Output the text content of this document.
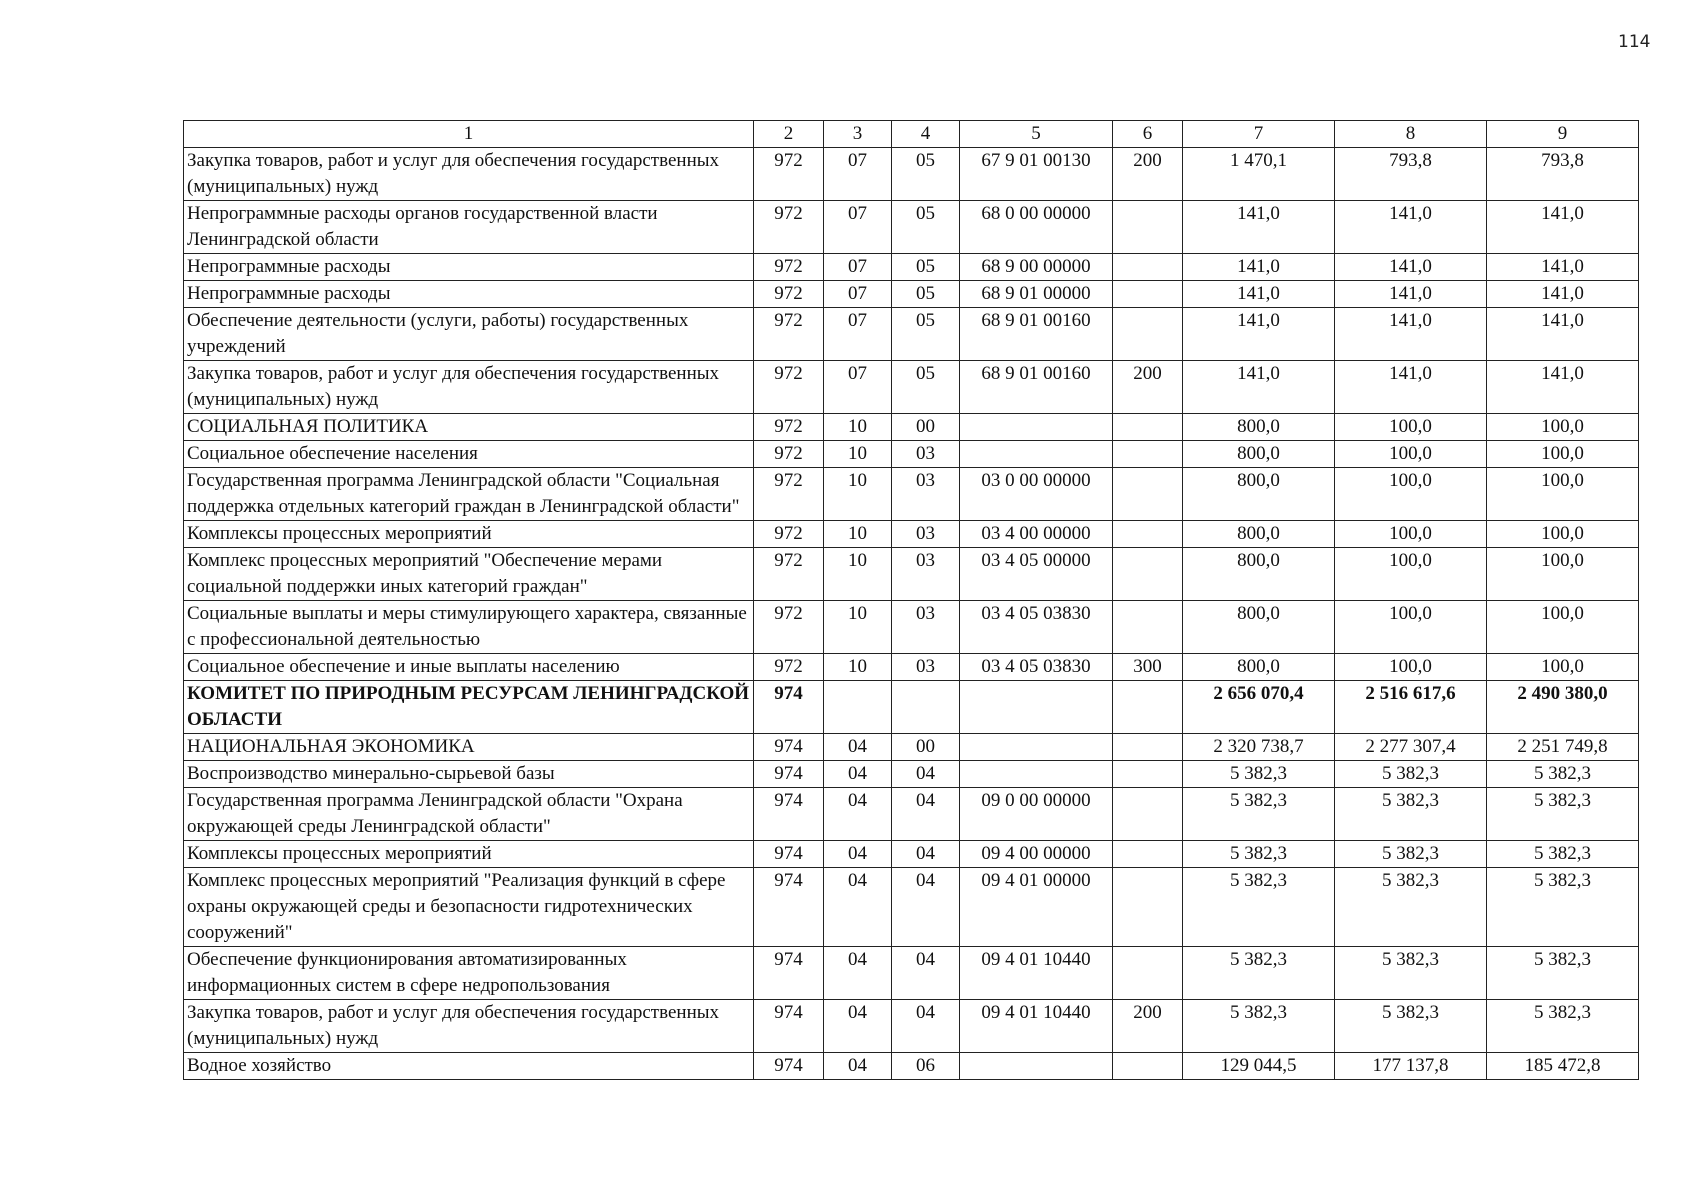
114
1	2	3	4	5	6	7	8	9
Закупка товаров, работ и услуг для обеспечения государственных (муниципальных) нужд	972	07	05	67 9 01 00130	200	1 470,1	793,8	793,8
Непрограммные расходы органов государственной власти Ленинградской области	972	07	05	68 0 00 00000		141,0	141,0	141,0
Непрограммные расходы	972	07	05	68 9 00 00000		141,0	141,0	141,0
Непрограммные расходы	972	07	05	68 9 01 00000		141,0	141,0	141,0
Обеспечение деятельности (услуги, работы) государственных учреждений	972	07	05	68 9 01 00160		141,0	141,0	141,0
Закупка товаров, работ и услуг для обеспечения государственных (муниципальных) нужд	972	07	05	68 9 01 00160	200	141,0	141,0	141,0
СОЦИАЛЬНАЯ ПОЛИТИКА	972	10	00			800,0	100,0	100,0
Социальное обеспечение населения	972	10	03			800,0	100,0	100,0
Государственная программа Ленинградской области "Социальная поддержка отдельных категорий граждан в Ленинградской области"	972	10	03	03 0 00 00000		800,0	100,0	100,0
Комплексы процессных мероприятий	972	10	03	03 4 00 00000		800,0	100,0	100,0
Комплекс процессных мероприятий "Обеспечение мерами социальной поддержки иных категорий граждан"	972	10	03	03 4 05 00000		800,0	100,0	100,0
Социальные выплаты и меры стимулирующего характера, связанные с профессиональной деятельностью	972	10	03	03 4 05 03830		800,0	100,0	100,0
Социальное обеспечение и иные выплаты населению	972	10	03	03 4 05 03830	300	800,0	100,0	100,0
КОМИТЕТ ПО ПРИРОДНЫМ РЕСУРСАМ ЛЕНИНГРАДСКОЙ ОБЛАСТИ	974					2 656 070,4	2 516 617,6	2 490 380,0
НАЦИОНАЛЬНАЯ ЭКОНОМИКА	974	04	00			2 320 738,7	2 277 307,4	2 251 749,8
Воспроизводство минерально-сырьевой базы	974	04	04			5 382,3	5 382,3	5 382,3
Государственная программа Ленинградской области "Охрана окружающей среды Ленинградской области"	974	04	04	09 0 00 00000		5 382,3	5 382,3	5 382,3
Комплексы процессных мероприятий	974	04	04	09 4 00 00000		5 382,3	5 382,3	5 382,3
Комплекс процессных мероприятий "Реализация функций в сфере охраны окружающей среды и безопасности гидротехнических сооружений"	974	04	04	09 4 01 00000		5 382,3	5 382,3	5 382,3
Обеспечение функционирования автоматизированных информационных систем в сфере недропользования	974	04	04	09 4 01 10440		5 382,3	5 382,3	5 382,3
Закупка товаров, работ и услуг для обеспечения государственных (муниципальных) нужд	974	04	04	09 4 01 10440	200	5 382,3	5 382,3	5 382,3
Водное хозяйство	974	04	06			129 044,5	177 137,8	185 472,8
